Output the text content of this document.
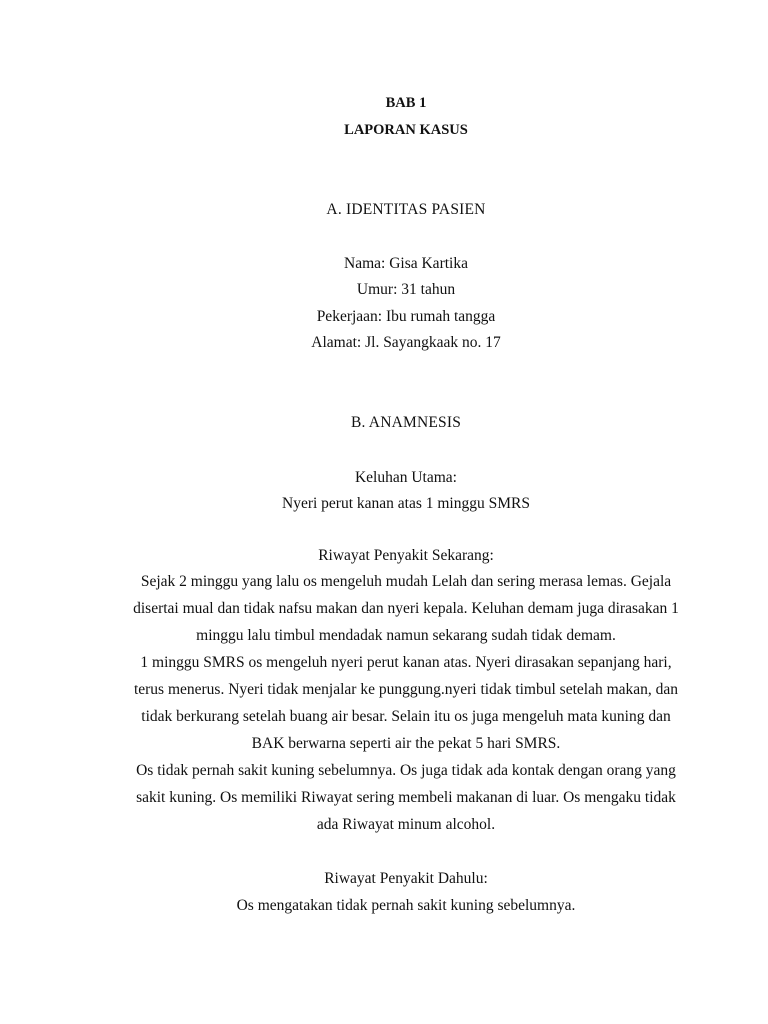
BAB 1
LAPORAN KASUS
A. IDENTITAS PASIEN
Nama: Gisa Kartika
Umur: 31 tahun
Pekerjaan: Ibu rumah tangga
Alamat: Jl. Sayangkaak no. 17
B. ANAMNESIS
Keluhan Utama:
Nyeri perut kanan atas 1 minggu SMRS
Riwayat Penyakit Sekarang:
Sejak 2 minggu yang lalu os mengeluh mudah Lelah dan sering merasa lemas. Gejala
disertai mual dan tidak nafsu makan dan nyeri kepala. Keluhan demam juga dirasakan 1
minggu lalu timbul mendadak namun sekarang sudah tidak demam.
1 minggu SMRS os mengeluh nyeri perut kanan atas. Nyeri dirasakan sepanjang hari,
terus menerus. Nyeri tidak menjalar ke punggung.nyeri tidak timbul setelah makan, dan
tidak berkurang setelah buang air besar. Selain itu os juga mengeluh mata kuning dan
BAK berwarna seperti air the pekat 5 hari SMRS.
Os tidak pernah sakit kuning sebelumnya. Os juga tidak ada kontak dengan orang yang
sakit kuning. Os memiliki Riwayat sering membeli makanan di luar. Os mengaku tidak
ada Riwayat minum alcohol.
Riwayat Penyakit Dahulu:
Os mengatakan tidak pernah sakit kuning sebelumnya.
